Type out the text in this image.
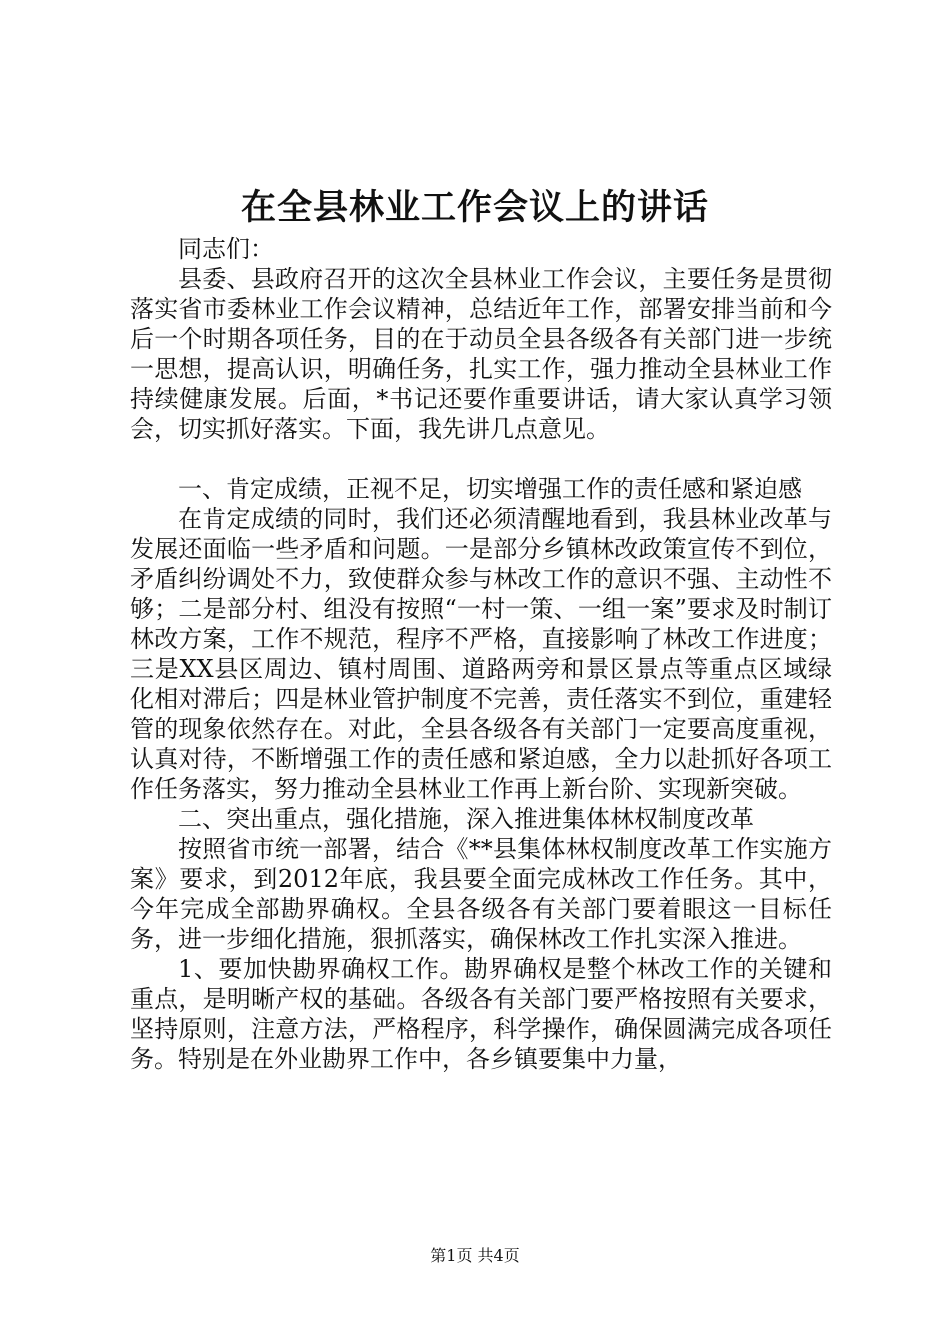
在全县林业工作会议上的讲话

同志们：

县委、县政府召开的这次全县林业工作会议，主要任务是贯彻落实省市委林业工作会议精神，总结近年工作，部署安排当前和今后一个时期各项任务，目的在于动员全县各级各有关部门进一步统一思想，提高认识，明确任务，扎实工作，强力推动全县林业工作持续健康发展。后面，*书记还要作重要讲话，请大家认真学习领会，切实抓好落实。下面，我先讲几点意见。

一、肯定成绩，正视不足，切实增强工作的责任感和紧迫感

在肯定成绩的同时，我们还必须清醒地看到，我县林业改革与发展还面临一些矛盾和问题。一是部分乡镇林改政策宣传不到位，矛盾纠纷调处不力，致使群众参与林改工作的意识不强、主动性不够；二是部分村、组没有按照“一村一策、一组一案”要求及时制订林改方案，工作不规范，程序不严格，直接影响了林改工作进度；三是XX县区周边、镇村周围、道路两旁和景区景点等重点区域绿化相对滞后；四是林业管护制度不完善，责任落实不到位，重建轻管的现象依然存在。对此，全县各级各有关部门一定要高度重视，认真对待，不断增强工作的责任感和紧迫感，全力以赴抓好各项工作任务落实，努力推动全县林业工作再上新台阶、实现新突破。

二、突出重点，强化措施，深入推进集体林权制度改革

按照省市统一部署，结合《**县集体林权制度改革工作实施方案》要求，到2012年底，我县要全面完成林改工作任务。其中，今年完成全部勘界确权。全县各级各有关部门要着眼这一目标任务，进一步细化措施，狠抓落实，确保林改工作扎实深入推进。

1、要加快勘界确权工作。勘界确权是整个林改工作的关键和重点，是明晰产权的基础。各级各有关部门要严格按照有关要求，坚持原则，注意方法，严格程序，科学操作，确保圆满完成各项任务。特别是在外业勘界工作中，各乡镇要集中力量，

第1页 共4页
